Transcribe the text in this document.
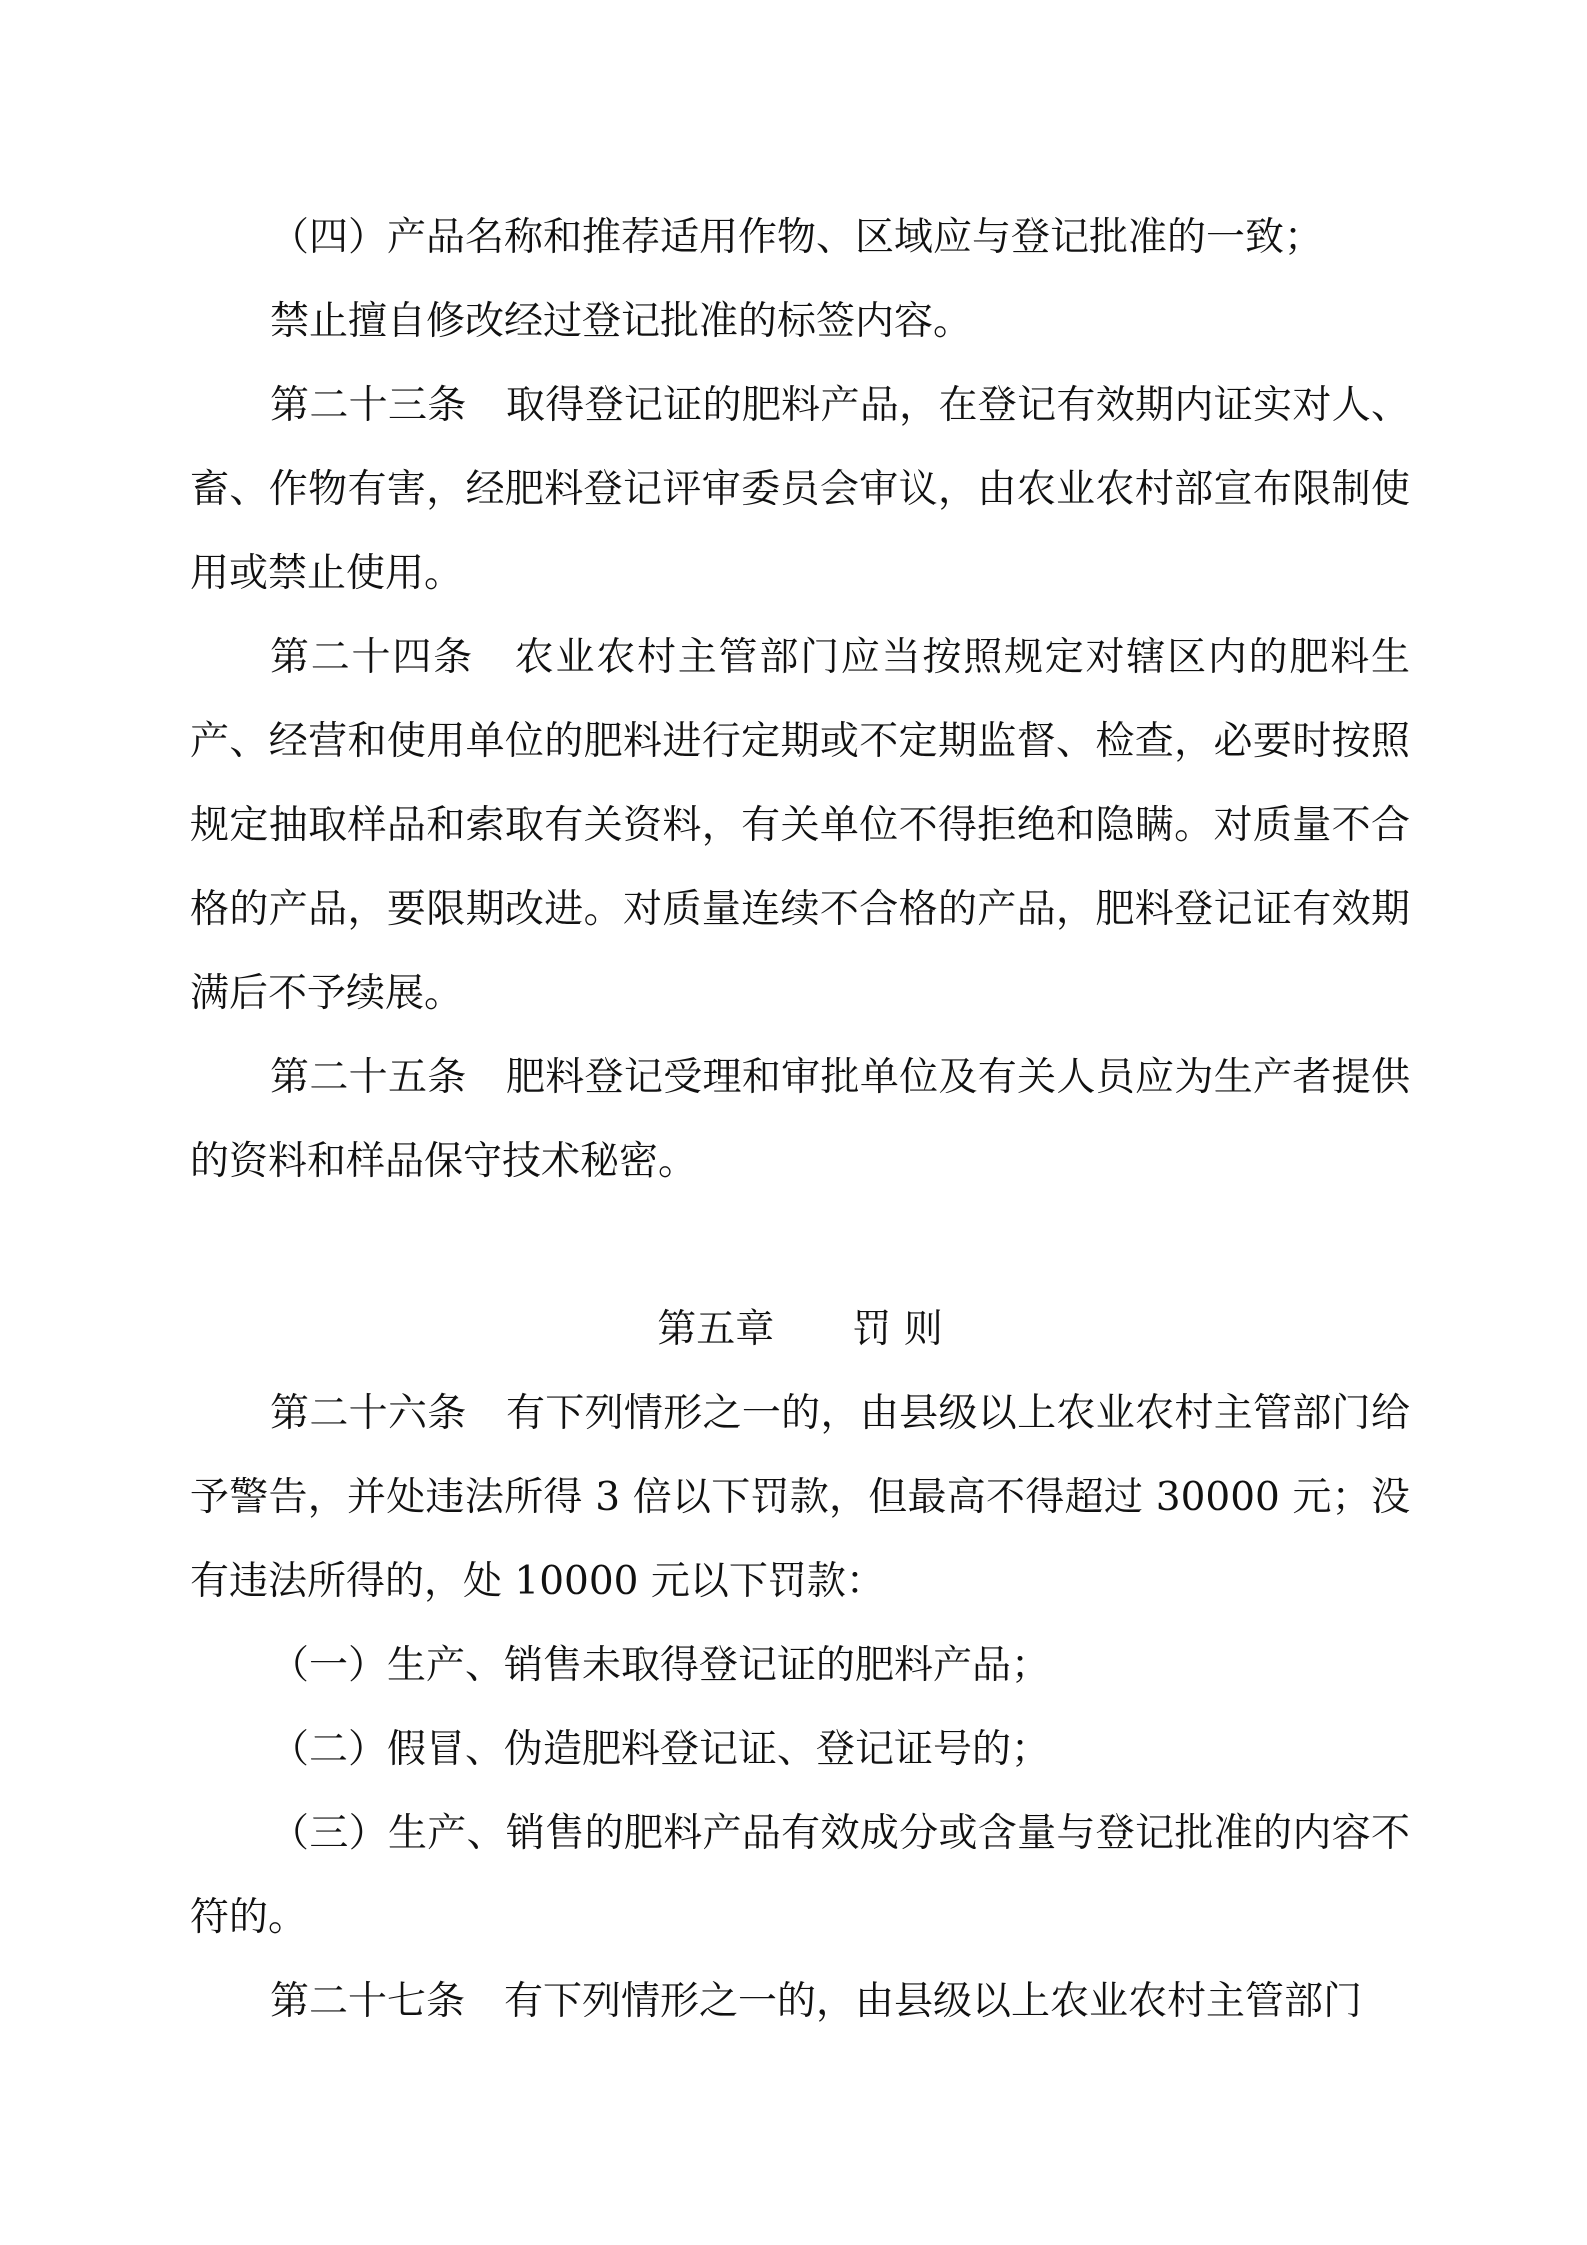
（四）产品名称和推荐适用作物、区域应与登记批准的一致；

禁止擅自修改经过登记批准的标签内容。

第二十三条　 取得登记证的肥料产品，在登记有效期内证实对人、畜、作物有害，经肥料登记评审委员会审议，由农业农村部宣布限制使用或禁止使用。

第二十四条　 农业农村主管部门应当按照规定对辖区内的肥料生产、经营和使用单位的肥料进行定期或不定期监督、检查，必要时按照规定抽取样品和索取有关资料，有关单位不得拒绝和隐瞒。对质量不合格的产品，要限期改进。对质量连续不合格的产品，肥料登记证有效期满后不予续展。

第二十五条　 肥料登记受理和审批单位及有关人员应为生产者提供的资料和样品保守技术秘密。

第五章　　 罚 则

第二十六条　 有下列情形之一的，由县级以上农业农村主管部门给予警告，并处违法所得 3 倍以下罚款，但最高不得超过 30000 元；没有违法所得的，处 10000 元以下罚款：

（一）生产、销售未取得登记证的肥料产品；

（二）假冒、伪造肥料登记证、登记证号的；

（三）生产、销售的肥料产品有效成分或含量与登记批准的内容不符的。

第二十七条　 有下列情形之一的，由县级以上农业农村主管部门
